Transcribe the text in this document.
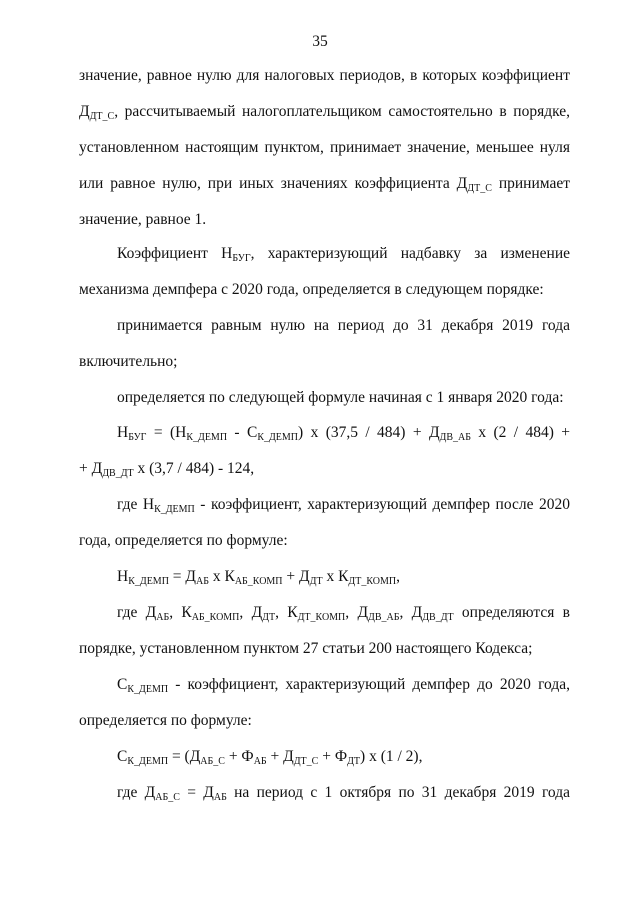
35
значение, равное нулю для налоговых периодов, в которых коэффициент
$Д_{ДТ\_С}$, рассчитываемый налогоплательщиком самостоятельно в порядке,
установленном настоящим пунктом, принимает значение, меньшее нуля
или равное нулю, при иных значениях коэффициента $Д_{ДТ\_С}$ принимает
значение, равное 1.
Коэффициент $Н_{БУГ}$, характеризующий надбавку за изменение
механизма демпфера с 2020 года, определяется в следующем порядке:
принимается равным нулю на период до 31 декабря 2019 года
включительно;
определяется по следующей формуле начиная с 1 января 2020 года:
$Н_{БУГ} = (Н_{К\_ДЕМП} - С_{К\_ДЕМП})$ х $(37,5 / 484) + Д_{ДВ\_АБ}$ х (2 / 484) +
+ $Д_{ДВ\_ДТ}$ х (3,7 / 484) - 124,
где $Н_{К\_ДЕМП}$ - коэффициент, характеризующий демпфер после 2020
года, определяется по формуле:
$Н_{К\_ДЕМП} = Д_{АБ}$ х $К_{АБ\_КОМП} + Д_{ДТ}$ х $К_{ДТ\_КОМП}$,
где $Д_{АБ}$, $К_{АБ\_КОМП}$, $Д_{ДТ}$, $К_{ДТ\_КОМП}$, $Д_{ДВ\_АБ}$, $Д_{ДВ\_ДТ}$ определяются в
порядке, установленном пунктом 27 статьи 200 настоящего Кодекса;
$С_{К\_ДЕМП}$ - коэффициент, характеризующий демпфер до 2020 года,
определяется по формуле:
$С_{К\_ДЕМП} = (Д_{АБ\_С} + Ф_{АБ} + Д_{ДТ\_С} + Ф_{ДТ})$ х (1 / 2),
где $Д_{АБ\_С} = Д_{АБ}$ на период с 1 октября по 31 декабря 2019 года
